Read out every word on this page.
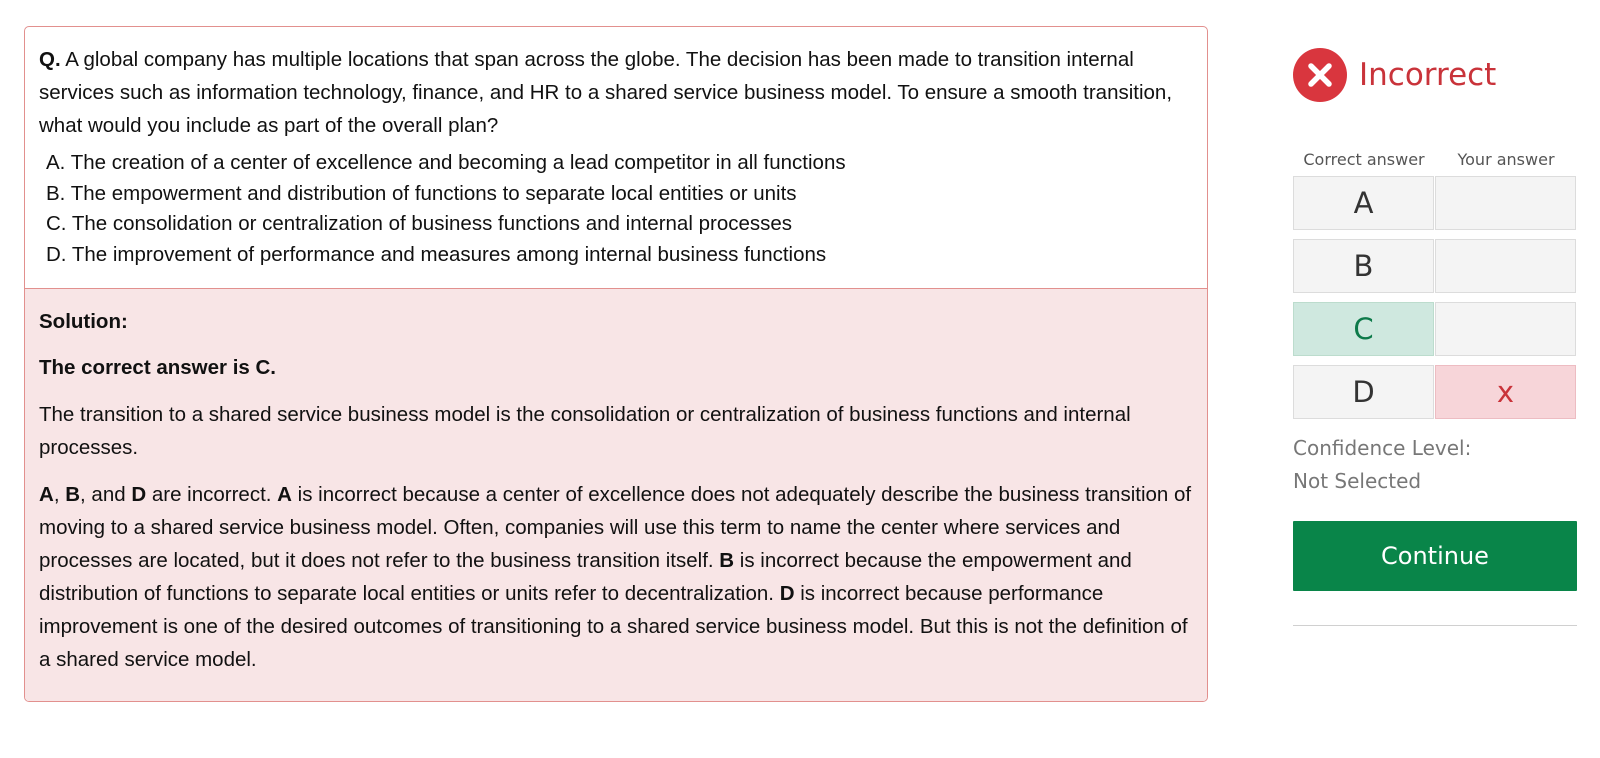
Q. A global company has multiple locations that span across the globe. The decision has been made to transition internal services such as information technology, finance, and HR to a shared service business model. To ensure a smooth transition, what would you include as part of the overall plan?

A. The creation of a center of excellence and becoming a lead competitor in all functions
B. The empowerment and distribution of functions to separate local entities or units
C. The consolidation or centralization of business functions and internal processes
D. The improvement of performance and measures among internal business functions

Solution:

The correct answer is C.

The transition to a shared service business model is the consolidation or centralization of business functions and internal processes.

A, B, and D are incorrect. A is incorrect because a center of excellence does not adequately describe the business transition of moving to a shared service business model. Often, companies will use this term to name the center where services and processes are located, but it does not refer to the business transition itself. B is incorrect because the empowerment and distribution of functions to separate local entities or units refer to decentralization. D is incorrect because performance improvement is one of the desired outcomes of transitioning to a shared service business model. But this is not the definition of a shared service model.

Incorrect
Correct answer	Your answer
A
B
C
D	x
Confidence Level:
Not Selected
Continue
